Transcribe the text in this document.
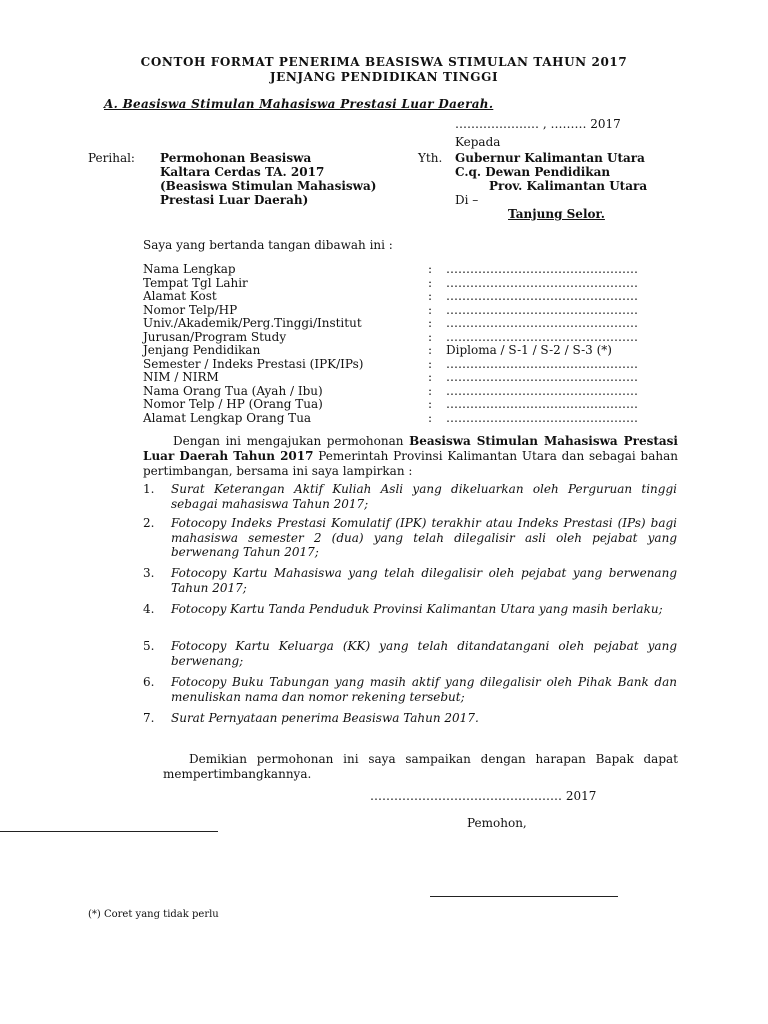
CONTOH FORMAT PENERIMA BEASISWA STIMULAN TAHUN 2017
JENJANG PENDIDIKAN TINGGI
A. Beasiswa Stimulan Mahasiswa Prestasi Luar Daerah.
………………… , ……… 2017
Kepada
Perihal: Permohonan Beasiswa
Kaltara Cerdas TA. 2017
(Beasiswa Stimulan Mahasiswa)
Prestasi Luar Daerah)
Yth. Gubernur Kalimantan Utara
C.q. Dewan Pendidikan
Prov. Kalimantan Utara
Di –
Tanjung Selor.
Saya yang bertanda tangan dibawah ini :
Nama Lengkap	: …………………………………………
Tempat Tgl Lahir	: …………………………………………
Alamat Kost	: …………………………………………
Nomor Telp/HP	: …………………………………………
Univ./Akademik/Perg.Tinggi/Institut	: …………………………………………
Jurusan/Program Study	: …………………………………………
Jenjang Pendidikan	: Diploma / S-1 / S-2 / S-3 (*)
Semester / Indeks Prestasi (IPK/IPs)	: …………………………………………
NIM / NIRM	: …………………………………………
Nama Orang Tua (Ayah / Ibu)	: …………………………………………
Nomor Telp / HP (Orang Tua)	: …………………………………………
Alamat Lengkap Orang Tua	: …………………………………………
Dengan ini mengajukan permohonan Beasiswa Stimulan Mahasiswa Prestasi Luar Daerah Tahun 2017 Pemerintah Provinsi Kalimantan Utara dan sebagai bahan pertimbangan, bersama ini saya lampirkan :
1. Surat Keterangan Aktif Kuliah Asli yang dikeluarkan oleh Perguruan tinggi sebagai mahasiswa Tahun 2017;
2. Fotocopy Indeks Prestasi Komulatif (IPK) terakhir atau Indeks Prestasi (IPs) bagi mahasiswa semester 2 (dua) yang telah dilegalisir asli oleh pejabat yang berwenang Tahun 2017;
3. Fotocopy Kartu Mahasiswa yang telah dilegalisir oleh pejabat yang berwenang Tahun 2017;
4. Fotocopy Kartu Tanda Penduduk Provinsi Kalimantan Utara yang masih berlaku;
5. Fotocopy Kartu Keluarga (KK) yang telah ditandatangani oleh pejabat yang berwenang;
6. Fotocopy Buku Tabungan yang masih aktif yang dilegalisir oleh Pihak Bank dan menuliskan nama dan nomor rekening tersebut;
7. Surat Pernyataan penerima Beasiswa Tahun 2017.
Demikian permohonan ini saya sampaikan dengan harapan Bapak dapat mempertimbangkannya.
………………………………………… 2017
Pemohon,
(*) Coret yang tidak perlu
